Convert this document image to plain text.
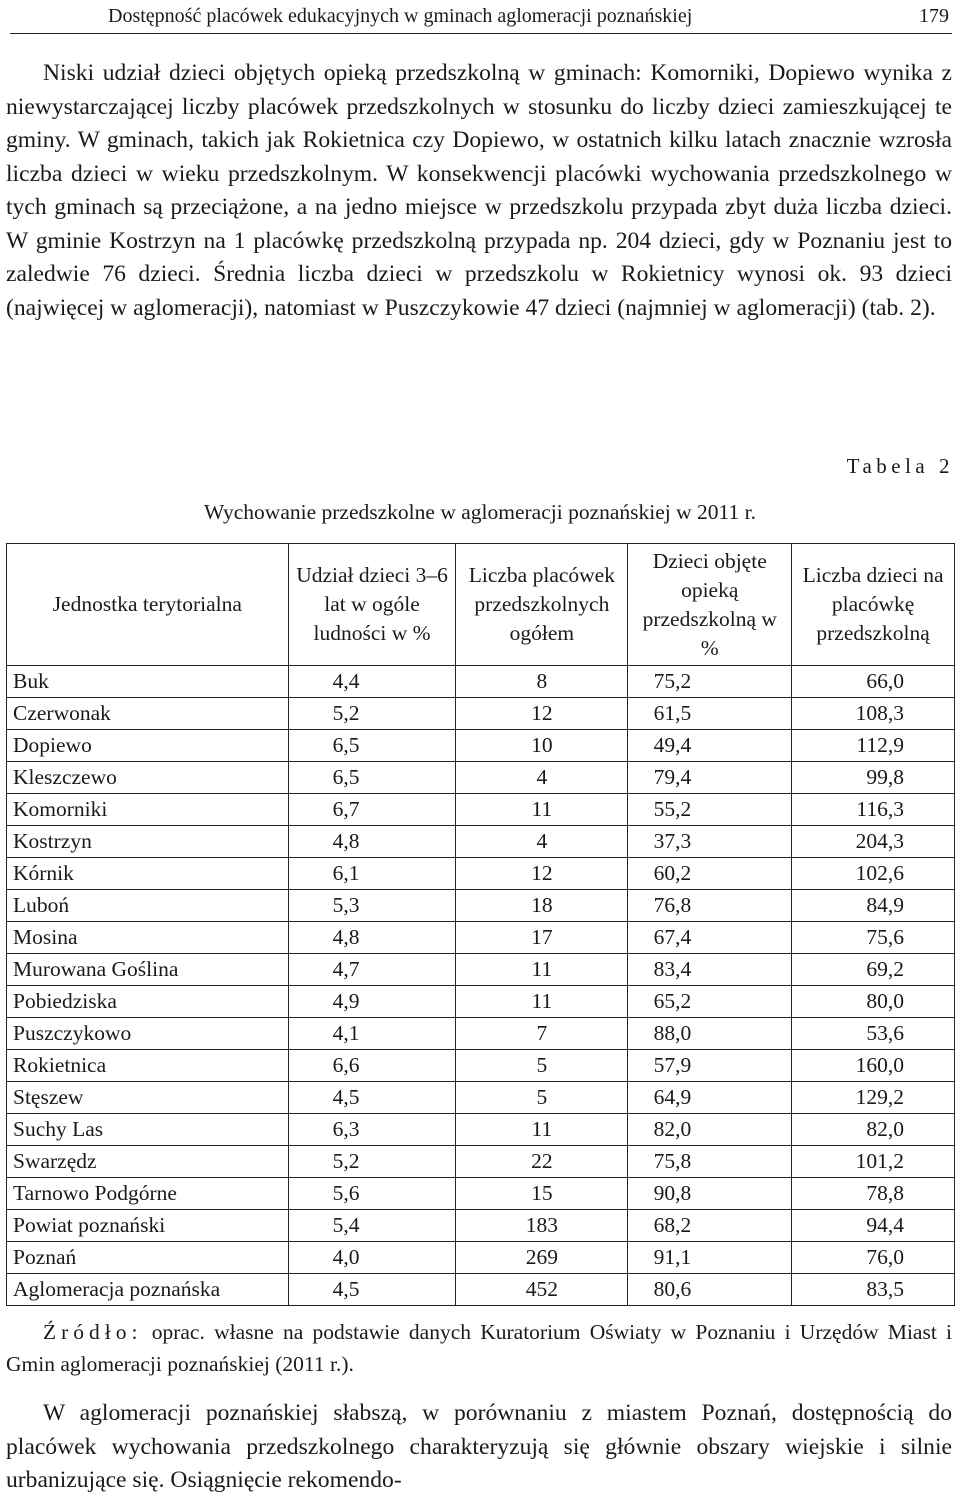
Dostępność placówek edukacyjnych w gminach aglomeracji poznańskiej	179

Niski udział dzieci objętych opieką przedszkolną w gminach: Komorniki, Dopiewo wynika z niewystarczającej liczby placówek przedszkolnych w stosunku do liczby dzieci zamieszkującej te gminy. W gminach, takich jak Rokietnica czy Dopiewo, w ostatnich kilku latach znacznie wzrosła liczba dzieci w wieku przedszkolnym. W konsekwencji placówki wychowania przedszkolnego w tych gminach są przeciążone, a na jedno miejsce w przedszkolu przypada zbyt duża liczba dzieci. W gminie Kostrzyn na 1 placówkę przedszkolną przypada np. 204 dzieci, gdy w Poznaniu jest to zaledwie 76 dzieci. Średnia liczba dzieci w przedszkolu w Rokietnicy wynosi ok. 93 dzieci (najwięcej w aglomeracji), natomiast w Puszczykowie 47 dzieci (najmniej w aglomeracji) (tab. 2).

Tabela 2
Wychowanie przedszkolne w aglomeracji poznańskiej w 2011 r.
Jednostka terytorialna	Udział dzieci 3–6 lat w ogóle ludności w %	Liczba placówek przedszkolnych ogółem	Dzieci objęte opieką przedszkolną w %	Liczba dzieci na placówkę przedszkolną
Buk	4,4	8	75,2	66,0
Czerwonak	5,2	12	61,5	108,3
Dopiewo	6,5	10	49,4	112,9
Kleszczewo	6,5	4	79,4	99,8
Komorniki	6,7	11	55,2	116,3
Kostrzyn	4,8	4	37,3	204,3
Kórnik	6,1	12	60,2	102,6
Luboń	5,3	18	76,8	84,9
Mosina	4,8	17	67,4	75,6
Murowana Goślina	4,7	11	83,4	69,2
Pobiedziska	4,9	11	65,2	80,0
Puszczykowo	4,1	7	88,0	53,6
Rokietnica	6,6	5	57,9	160,0
Stęszew	4,5	5	64,9	129,2
Suchy Las	6,3	11	82,0	82,0
Swarzędz	5,2	22	75,8	101,2
Tarnowo Podgórne	5,6	15	90,8	78,8
Powiat poznański	5,4	183	68,2	94,4
Poznań	4,0	269	91,1	76,0
Aglomeracja poznańska	4,5	452	80,6	83,5

Źródło: oprac. własne na podstawie danych Kuratorium Oświaty w Poznaniu i Urzędów Miast i Gmin aglomeracji poznańskiej (2011 r.).

W aglomeracji poznańskiej słabszą, w porównaniu z miastem Poznań, dostępnością do placówek wychowania przedszkolnego charakteryzują się głównie obszary wiejskie i silnie urbanizujące się. Osiągnięcie rekomendo-
